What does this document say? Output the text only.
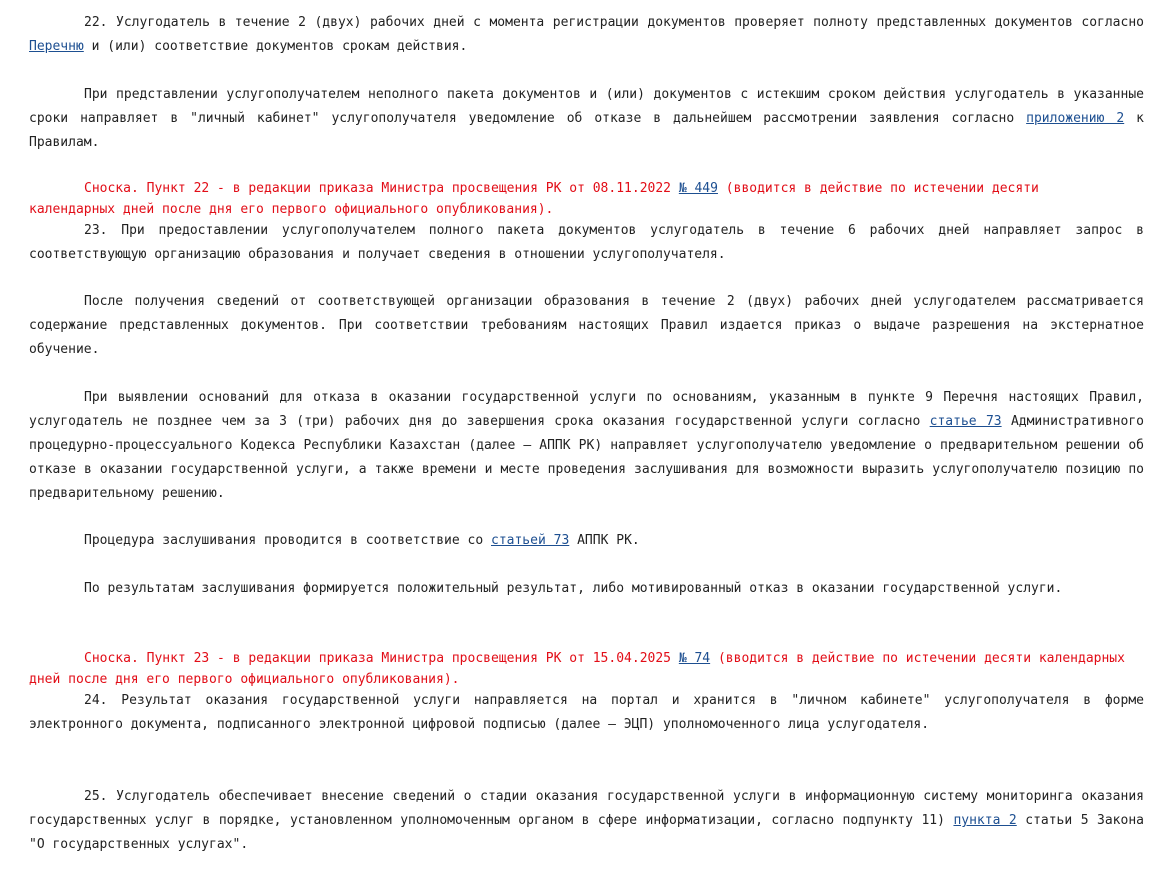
22. Услугодатель в течение 2 (двух) рабочих дней с момента регистрации документов проверяет полноту представленных документов согласно Перечню и (или) соответствие документов срокам действия.

При представлении услугополучателем неполного пакета документов и (или) документов с истекшим сроком действия услугодатель в указанные сроки направляет в "личный кабинет" услугополучателя уведомление об отказе в дальнейшем рассмотрении заявления согласно приложению 2 к Правилам.

Сноска. Пункт 22 - в редакции приказа Министра просвещения РК от 08.11.2022 № 449 (вводится в действие по истечении десяти календарных дней после дня его первого официального опубликования).

23. При предоставлении услугополучателем полного пакета документов услугодатель в течение 6 рабочих дней направляет запрос в соответствующую организацию образования и получает сведения в отношении услугополучателя.

После получения сведений от соответствующей организации образования в течение 2 (двух) рабочих дней услугодателем рассматривается содержание представленных документов. При соответствии требованиям настоящих Правил издается приказ о выдаче разрешения на экстернатное обучение.

При выявлении оснований для отказа в оказании государственной услуги по основаниям, указанным в пункте 9 Перечня настоящих Правил, услугодатель не позднее чем за 3 (три) рабочих дня до завершения срока оказания государственной услуги согласно статье 73 Административного процедурно-процессуального Кодекса Республики Казахстан (далее – АППК РК) направляет услугополучателю уведомление о предварительном решении об отказе в оказании государственной услуги, а также времени и месте проведения заслушивания для возможности выразить услугополучателю позицию по предварительному решению.

Процедура заслушивания проводится в соответствие со статьей 73 АППК РК.

По результатам заслушивания формируется положительный результат, либо мотивированный отказ в оказании государственной услуги.

Сноска. Пункт 23 - в редакции приказа Министра просвещения РК от 15.04.2025 № 74 (вводится в действие по истечении десяти календарных дней после дня его первого официального опубликования).

24. Результат оказания государственной услуги направляется на портал и хранится в "личном кабинете" услугополучателя в форме электронного документа, подписанного электронной цифровой подписью (далее – ЭЦП) уполномоченного лица услугодателя.

25. Услугодатель обеспечивает внесение сведений о стадии оказания государственной услуги в информационную систему мониторинга оказания государственных услуг в порядке, установленном уполномоченным органом в сфере информатизации, согласно подпункту 11) пункта 2 статьи 5 Закона "О государственных услугах".
